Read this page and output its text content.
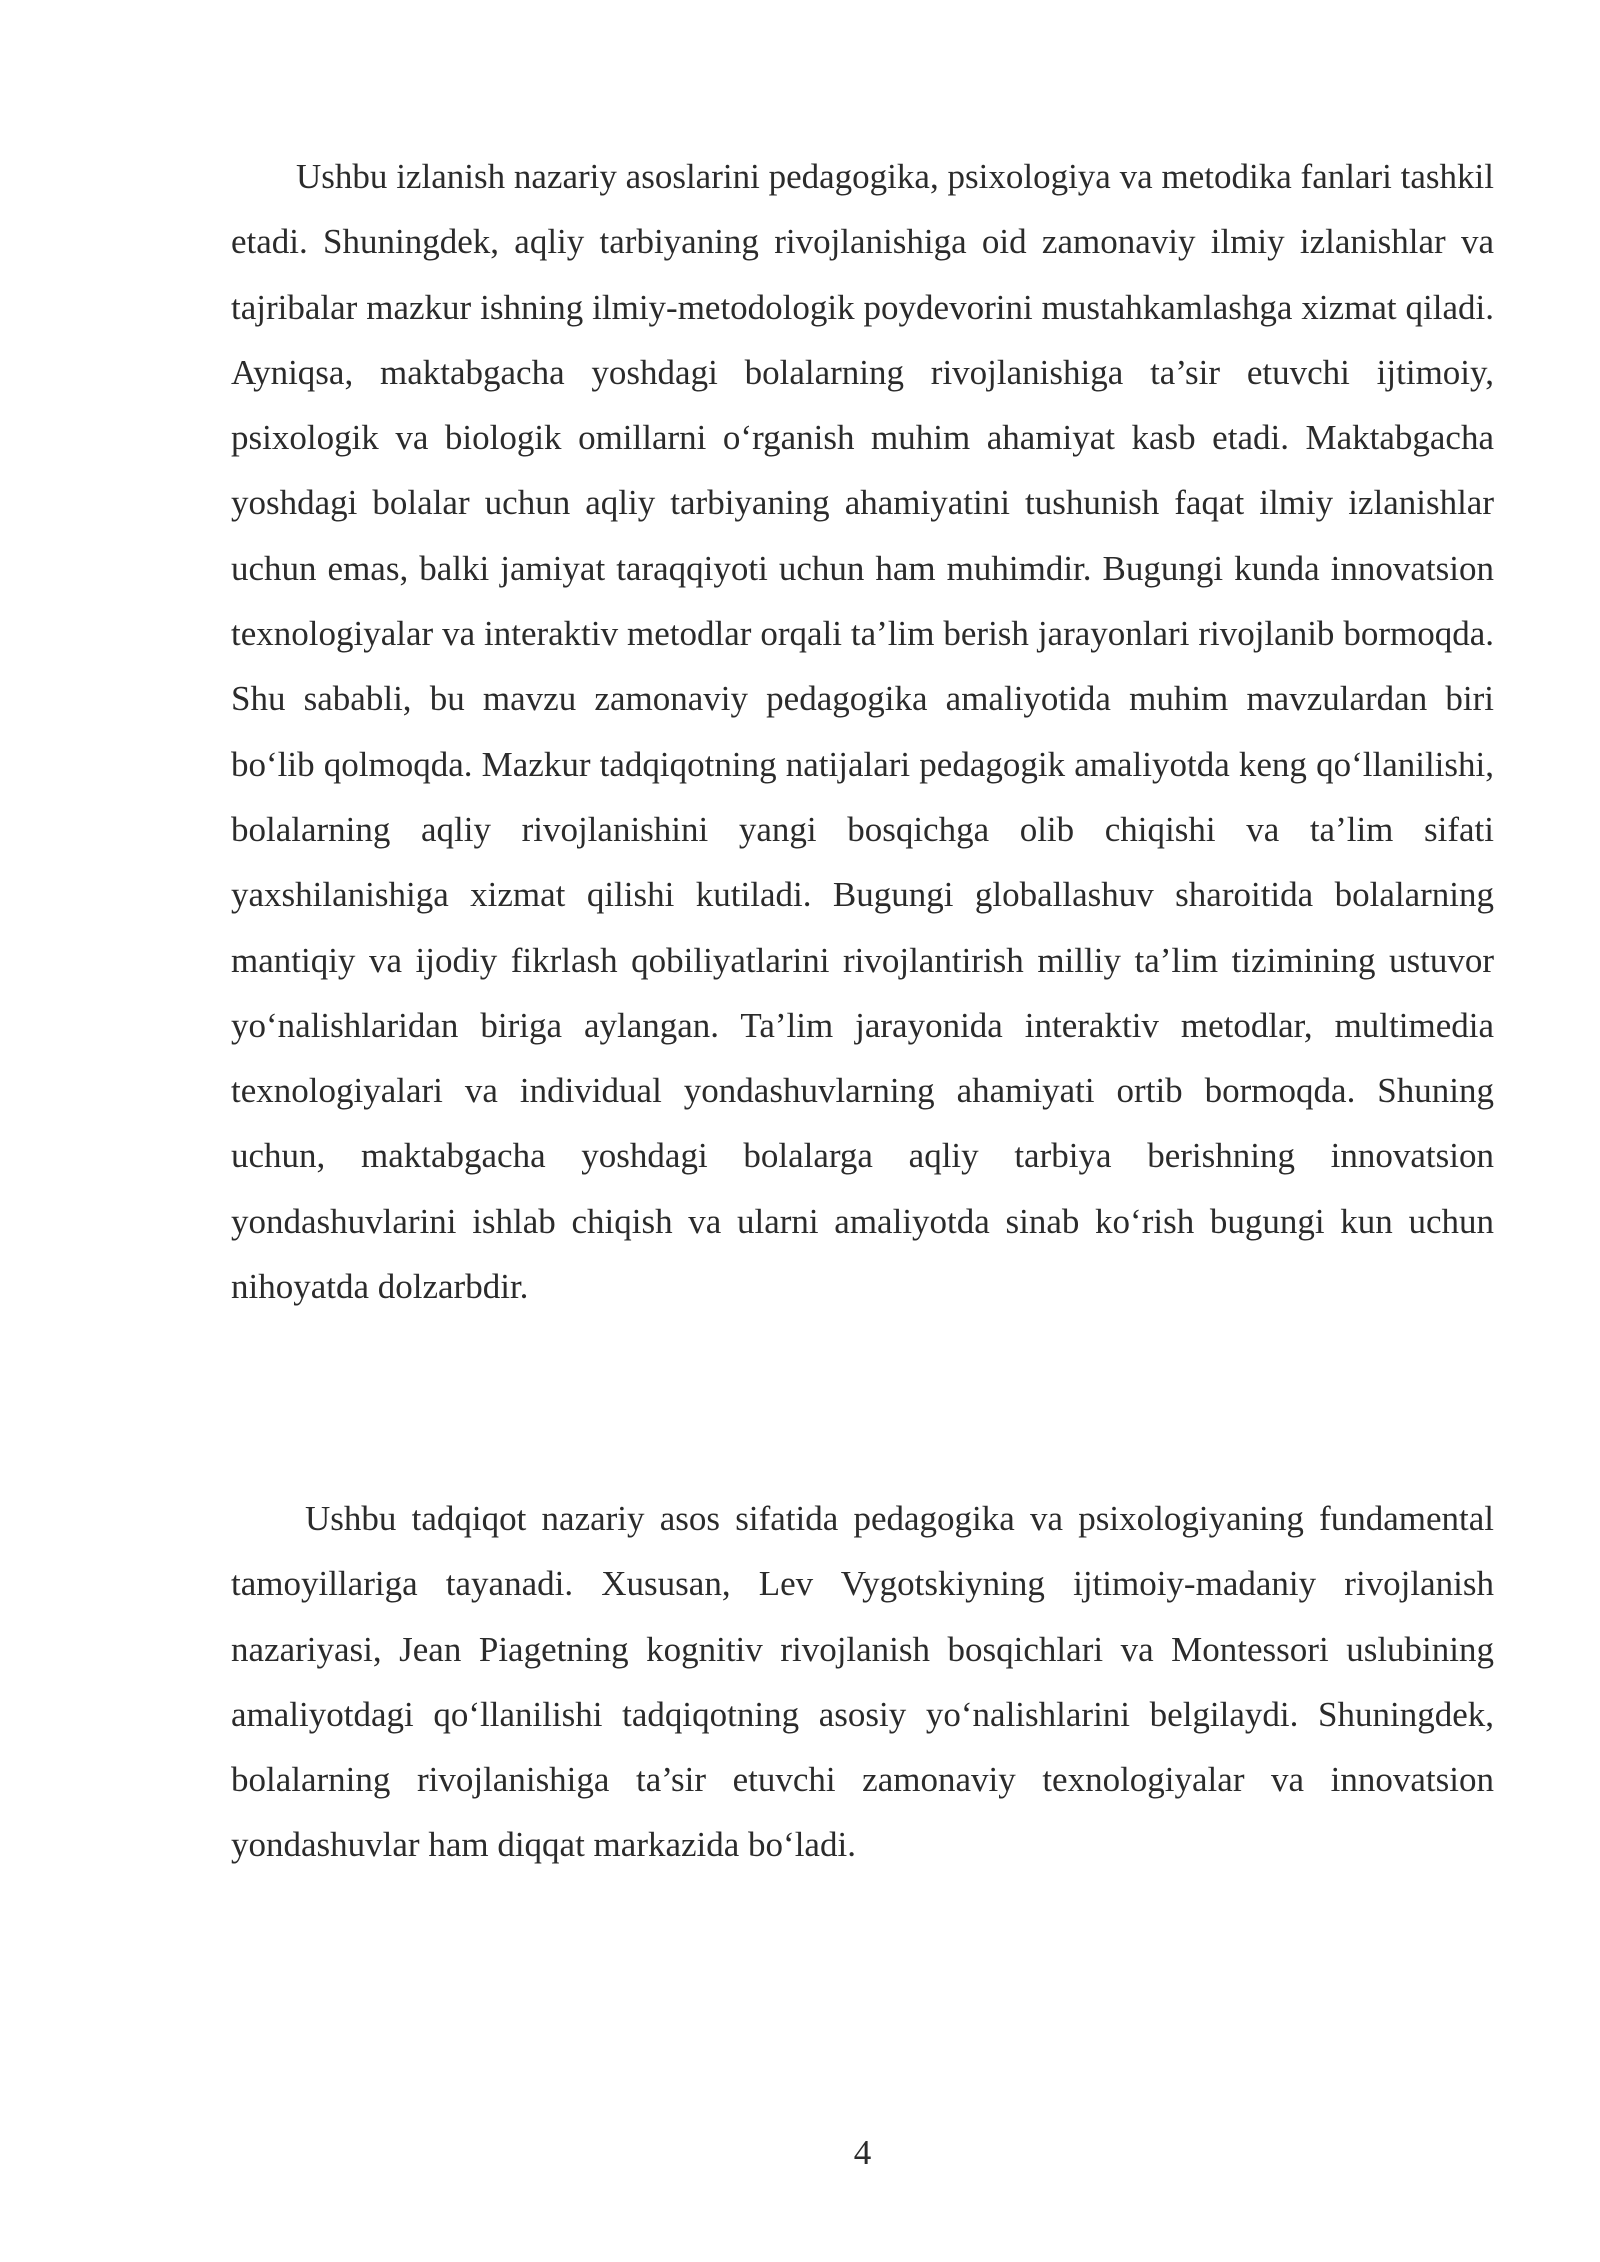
Ushbu izlanish nazariy asoslarini pedagogika, psixologiya va metodika fanlari tashkil etadi. Shuningdek, aqliy tarbiyaning rivojlanishiga oid zamonaviy ilmiy izlanishlar va tajribalar mazkur ishning ilmiy-metodologik poydevorini mustahkamlashga xizmat qiladi. Ayniqsa, maktabgacha yoshdagi bolalarning rivojlanishiga ta’sir etuvchi ijtimoiy, psixologik va biologik omillarni o‘rganish muhim ahamiyat kasb etadi. Maktabgacha yoshdagi bolalar uchun aqliy tarbiyaning ahamiyatini tushunish faqat ilmiy izlanishlar uchun emas, balki jamiyat taraqqiyoti uchun ham muhimdir. Bugungi kunda innovatsion texnologiyalar va interaktiv metodlar orqali ta’lim berish jarayonlari rivojlanib bormoqda. Shu sababli, bu mavzu zamonaviy pedagogika amaliyotida muhim mavzulardan biri bo‘lib qolmoqda. Mazkur tadqiqotning natijalari pedagogik amaliyotda keng qo‘llanilishi, bolalarning aqliy rivojlanishini yangi bosqichga olib chiqishi va ta’lim sifati yaxshilanishiga xizmat qilishi kutiladi. Bugungi globallashuv sharoitida bolalarning mantiqiy va ijodiy fikrlash qobiliyatlarini rivojlantirish milliy ta’lim tizimining ustuvor yo‘nalishlaridan biriga aylangan. Ta’lim jarayonida interaktiv metodlar, multimedia texnologiyalari va individual yondashuvlarning ahamiyati ortib bormoqda. Shuning uchun, maktabgacha yoshdagi bolalarga aqliy tarbiya berishning innovatsion yondashuvlarini ishlab chiqish va ularni amaliyotda sinab ko‘rish bugungi kun uchun nihoyatda dolzarbdir.

Ushbu tadqiqot nazariy asos sifatida pedagogika va psixologiyaning fundamental tamoyillariga tayanadi. Xususan, Lev Vygotskiyning ijtimoiy-madaniy rivojlanish nazariyasi, Jean Piagetning kognitiv rivojlanish bosqichlari va Montessori uslubining amaliyotdagi qo‘llanilishi tadqiqotning asosiy yo‘nalishlarini belgilaydi. Shuningdek, bolalarning rivojlanishiga ta’sir etuvchi zamonaviy texnologiyalar va innovatsion yondashuvlar ham diqqat markazida bo‘ladi.

4
